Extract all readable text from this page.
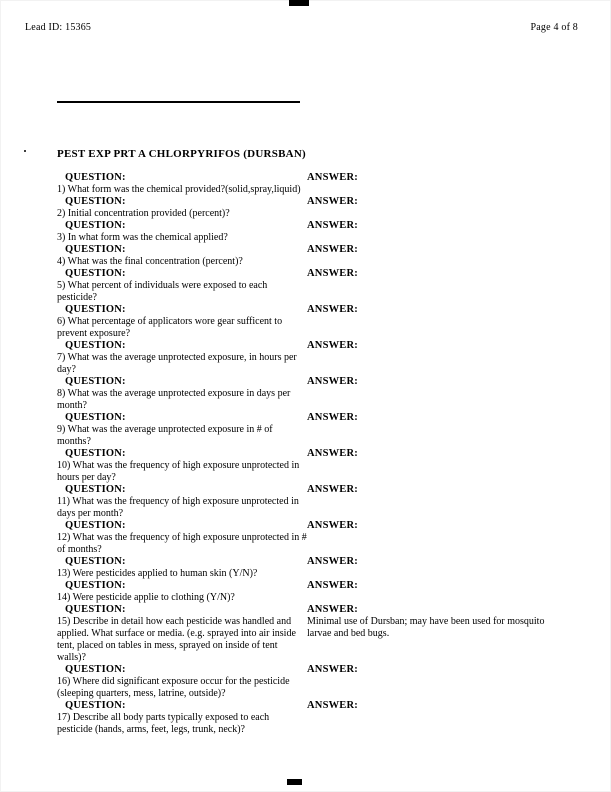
Lead ID: 15365	Page 4 of 8
PEST EXP PRT A CHLORPYRIFOS (DURSBAN)
QUESTION:
1) What form was the chemical provided?(solid,spray,liquid)
ANSWER:
QUESTION:
2) Initial concentration provided (percent)?
ANSWER:
QUESTION:
3) In what form was the chemical applied?
ANSWER:
QUESTION:
4) What was the final concentration (percent)?
ANSWER:
QUESTION:
5) What percent of individuals were exposed to each pesticide?
ANSWER:
QUESTION:
6) What percentage of applicators wore gear sufficent to prevent exposure?
ANSWER:
QUESTION:
7) What was the average unprotected exposure, in hours per day?
ANSWER:
QUESTION:
8) What was the average unprotected exposure in days per month?
ANSWER:
QUESTION:
9) What was the average unprotected exposure in # of months?
ANSWER:
QUESTION:
10) What was the frequency of high exposure unprotected in hours per day?
ANSWER:
QUESTION:
11) What was the frequency of high exposure unprotected in days per month?
ANSWER:
QUESTION:
12) What was the frequency of high exposure unprotected in # of months?
ANSWER:
QUESTION:
13) Were pesticides applied to human skin (Y/N)?
ANSWER:
QUESTION:
14) Were pesticide applie to clothing (Y/N)?
ANSWER:
QUESTION:
15) Describe in detail how each pesticide was handled and applied. What surface or media. (e.g. sprayed into air inside tent, placed on tables in mess, sprayed on inside of tent walls)?
ANSWER:
Minimal use of Dursban; may have been used for mosquito larvae and bed bugs.
QUESTION:
16) Where did significant exposure occur for the pesticide (sleeping quarters, mess, latrine, outside)?
ANSWER:
QUESTION:
17) Describe all body parts typically exposed to each pesticide (hands, arms, feet, legs, trunk, neck)?
ANSWER:
